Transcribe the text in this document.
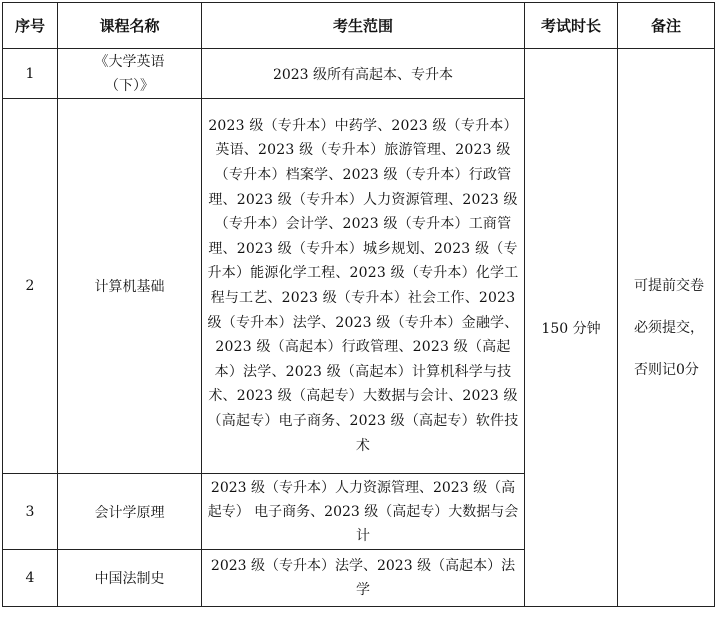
序号	课程名称	考生范围	考试时长	备注
1	《大学英语（下）》	2023 级所有高起本、专升本	150 分钟	可提前交卷必须提交，否则记0分

2	计算机基础	2023 级（专升本）中药学、2023 级（专升本）英语、2023 级（专升本）旅游管理、2023 级（专升本）档案学、2023 级（专升本）行政管理、2023 级（专升本）人力资源管理、2023 级（专升本）会计学、2023 级（专升本）工商管理、2023 级（专升本）城乡规划、2023 级（专升本）能源化学工程、2023 级（专升本）化学工程与工艺、2023 级（专升本）社会工作、2023 级（专升本）法学、2023 级（专升本）金融学、2023 级（高起本）行政管理、2023 级（高起本）法学、2023 级（高起本）计算机科学与技术、2023 级（高起专）大数据与会计、2023 级（高起专）电子商务、2023 级（高起专）软件技术		
3	会计学原理	2023 级（专升本）人力资源管理、2023 级（高起专） 电子商务、2023 级（高起专）大数据与会计		
4	中国法制史	2023 级（专升本）法学、2023 级（高起本）法学		
